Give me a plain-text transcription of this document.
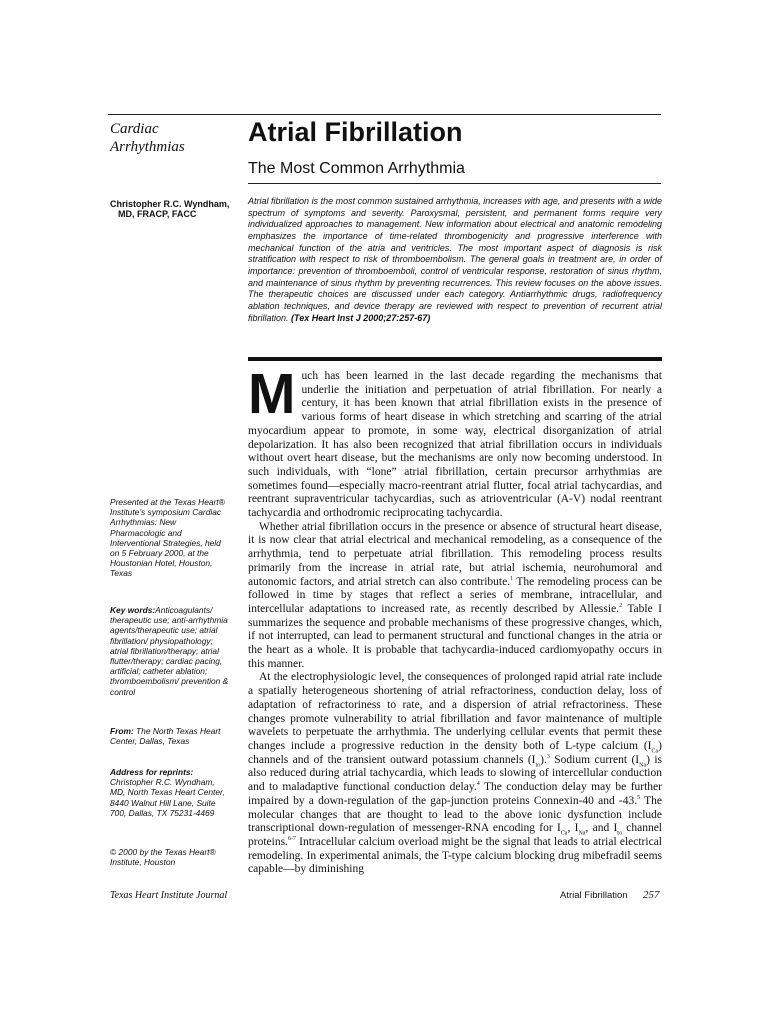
Cardiac
Arrhythmias	Atrial Fibrillation
The Most Common Arrhythmia
Christopher R.C. Wyndham,
MD, FRACP, FACC
Atrial fibrillation is the most common sustained arrhythmia, increases with age, and presents with a wide spectrum of symptoms and severity. Paroxysmal, persistent, and permanent forms require very individualized approaches to management. New information about electrical and anatomic remodeling emphasizes the importance of time-related thrombogenicity and progressive interference with mechanical function of the atria and ventricles. The most important aspect of diagnosis is risk stratification with respect to risk of thromboembolism. The general goals in treatment are, in order of importance: prevention of thromboemboli, control of ventricular response, restoration of sinus rhythm, and maintenance of sinus rhythm by preventing recurrences. This review focuses on the above issues. The therapeutic choices are discussed under each category. Antiarrhythmic drugs, radiofrequency ablation techniques, and device therapy are reviewed with respect to prevention of recurrent atrial fibrillation. (Tex Heart Inst J 2000;27:257-67)

Much has been learned in the last decade regarding the mechanisms that underlie the initiation and perpetuation of atrial fibrillation. For nearly a century, it has been known that atrial fibrillation exists in the presence of various forms of heart disease in which stretching and scarring of the atrial myocardium appear to promote, in some way, electrical disorganization of atrial depolarization. It has also been recognized that atrial fibrillation occurs in individuals without overt heart disease, but the mechanisms are only now becoming understood. In such individuals, with “lone” atrial fibrillation, certain precursor arrhythmias are sometimes found—especially macro-reentrant atrial flutter, focal atrial tachycardias, and reentrant supraventricular tachycardias, such as atrioventricular (A-V) nodal reentrant tachycardia and orthodromic reciprocating tachycardia.

Whether atrial fibrillation occurs in the presence or absence of structural heart disease, it is now clear that atrial electrical and mechanical remodeling, as a consequence of the arrhythmia, tend to perpetuate atrial fibrillation. This remodeling process results primarily from the increase in atrial rate, but atrial ischemia, neurohumoral and autonomic factors, and atrial stretch can also contribute.$^1$ The remodeling process can be followed in time by stages that reflect a series of membrane, intracellular, and intercellular adaptations to increased rate, as recently described by Allessie.$^2$ Table I summarizes the sequence and probable mechanisms of these progressive changes, which, if not interrupted, can lead to permanent structural and functional changes in the atria or the heart as a whole. It is probable that tachycardia-induced cardiomyopathy occurs in this manner.

At the electrophysiologic level, the consequences of prolonged rapid atrial rate include a spatially heterogeneous shortening of atrial refractoriness, conduction delay, loss of adaptation of refractoriness to rate, and a dispersion of atrial refractoriness. These changes promote vulnerability to atrial fibrillation and favor maintenance of multiple wavelets to perpetuate the arrhythmia. The underlying cellular events that permit these changes include a progressive reduction in the density both of L-type calcium $(I_{Ca})$ channels and of the transient outward potassium channels $(I_{to}).^3$ Sodium current $(I_{Na})$ is also reduced during atrial tachycardia, which leads to slowing of intercellular conduction and to maladaptive functional conduction delay.$^4$ The conduction delay may be further impaired by a down-regulation of the gap-junction proteins Connexin-40 and -43.$^5$ The molecular changes that are thought to lead to the above ionic dysfunction include transcriptional down-regulation of messenger-RNA encoding for $I_{Ca}$, $I_{Na}$, and $I_{to}$ channel proteins.$^{6-7}$ Intracellular calcium overload might be the signal that leads to atrial electrical remodeling. In experimental animals, the T-type calcium blocking drug mibefradil seems capable—by diminishing

Presented at the Texas Heart® Institute’s symposium Cardiac Arrhythmias: New Pharmacologic and Interventional Strategies, held on 5 February 2000, at the Houstonian Hotel, Houston, Texas
Key words:Anticoagulants/ therapeutic use; anti-arrhythmia agents/therapeutic use; atrial fibrillation/ physiopathology; atrial fibrillation/therapy; atrial flutter/therapy; cardiac pacing, artificial; catheter ablation; thromboembolism/ prevention & control
From: The North Texas Heart Center, Dallas, Texas
Address for reprints:
Christopher R.C. Wyndham, MD, North Texas Heart Center, 8440 Walnut Hill Lane, Suite 700, Dallas, TX 75231-4469
© 2000 by the Texas Heart® Institute, Houston
Texas Heart Institute Journal	Atrial Fibrillation 257
